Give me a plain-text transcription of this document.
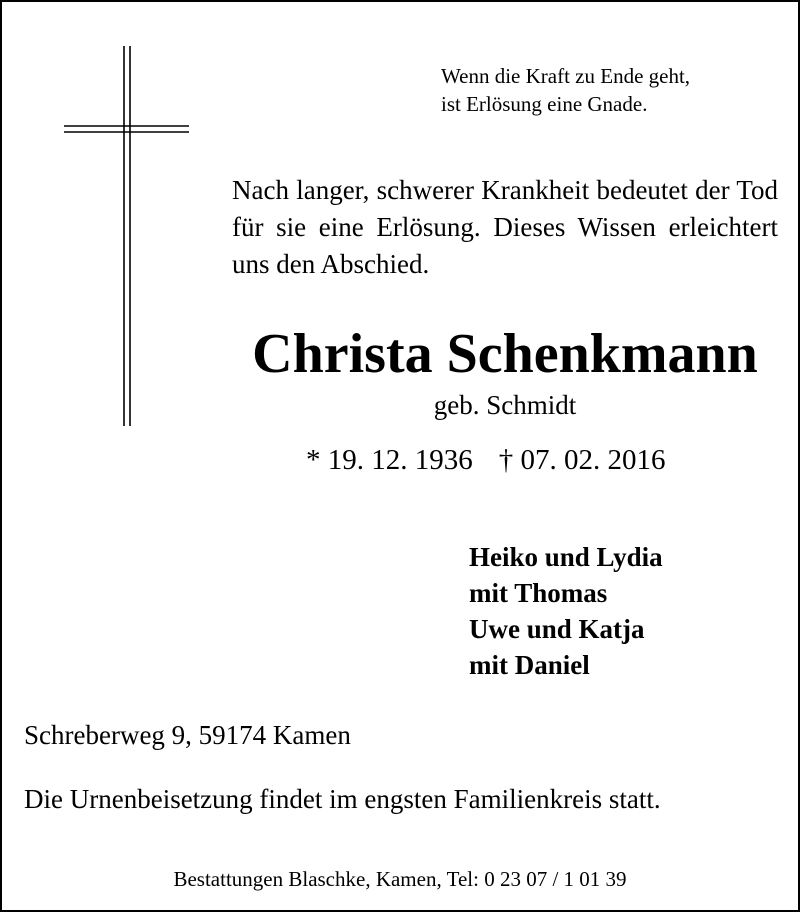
Wenn die Kraft zu Ende geht,
ist Erlösung eine Gnade.

Nach langer, schwerer Krankheit bedeutet der Tod für sie eine Erlösung. Dieses Wissen erleichtert uns den Abschied.

Christa Schenkmann

geb. Schmidt

* 19. 12. 1936 † 07. 02. 2016

Heiko und Lydia
mit Thomas
Uwe und Katja
mit Daniel

Schreberweg 9, 59174 Kamen

Die Urnenbeisetzung findet im engsten Familienkreis statt.

Bestattungen Blaschke, Kamen, Tel: 0 23 07 / 1 01 39
